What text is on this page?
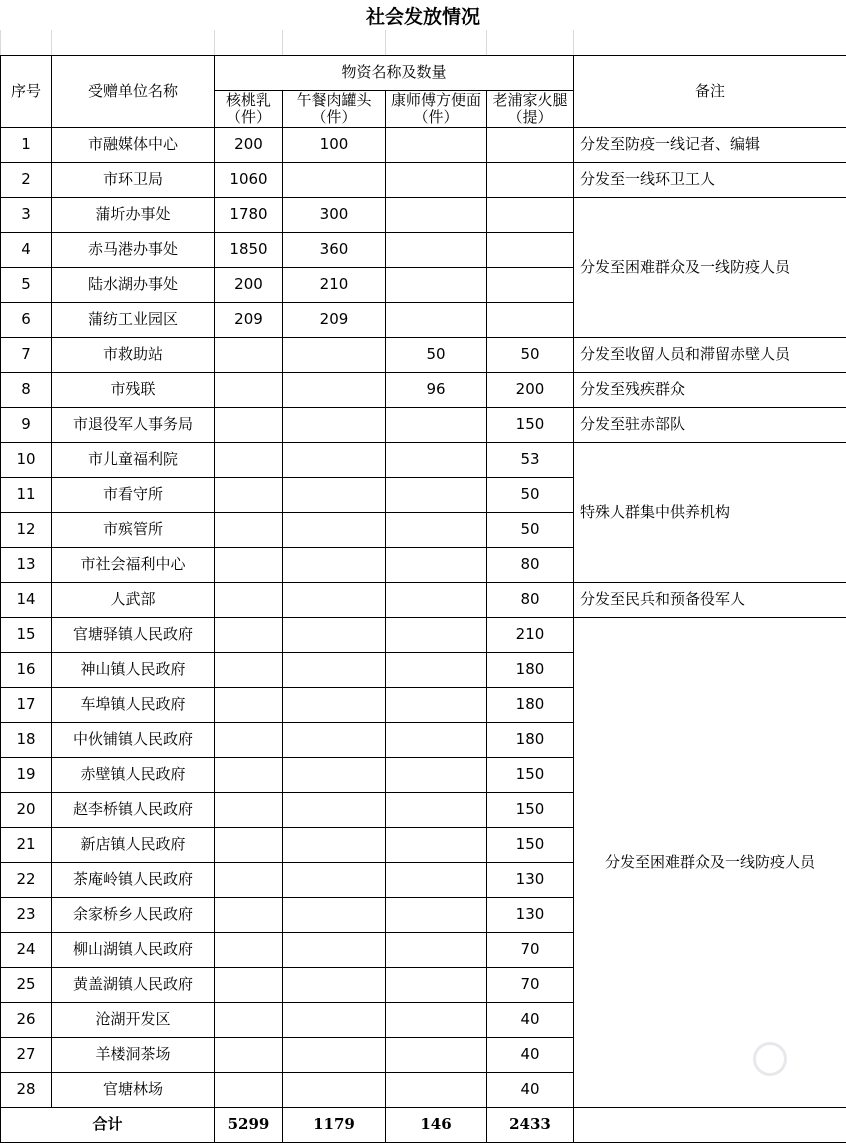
社会发放情况

序号	受赠单位名称	物资名称及数量				备注
		核桃乳（件）	午餐肉罐头（件）	康师傅方便面（件）	老浦家火腿（提）	
1	市融媒体中心	200	100			分发至防疫一线记者、编辑
2	市环卫局	1060				分发至一线环卫工人
3	蒲圻办事处	1780	300			分发至困难群众及一线防疫人员
4	赤马港办事处	1850	360			
5	陆水湖办事处	200	210			
6	蒲纺工业园区	209	209			
7	市救助站			50	50	分发至收留人员和滞留赤壁人员
8	市残联			96	200	分发至残疾群众
9	市退役军人事务局				150	分发至驻赤部队
10	市儿童福利院				53	特殊人群集中供养机构
11	市看守所				50	
12	市殡管所				50	
13	市社会福利中心				80	
14	人武部				80	分发至民兵和预备役军人
15	官塘驿镇人民政府				210	分发至困难群众及一线防疫人员
16	神山镇人民政府				180	
17	车埠镇人民政府				180	
18	中伙铺镇人民政府				180	
19	赤壁镇人民政府				150	
20	赵李桥镇人民政府				150	
21	新店镇人民政府				150	
22	茶庵岭镇人民政府				130	
23	余家桥乡人民政府				130	
24	柳山湖镇人民政府				70	
25	黄盖湖镇人民政府				70	
26	沧湖开发区				40	
27	羊楼洞茶场				40	
28	官塘林场				40	
合计		5299	1179	146	2433	
